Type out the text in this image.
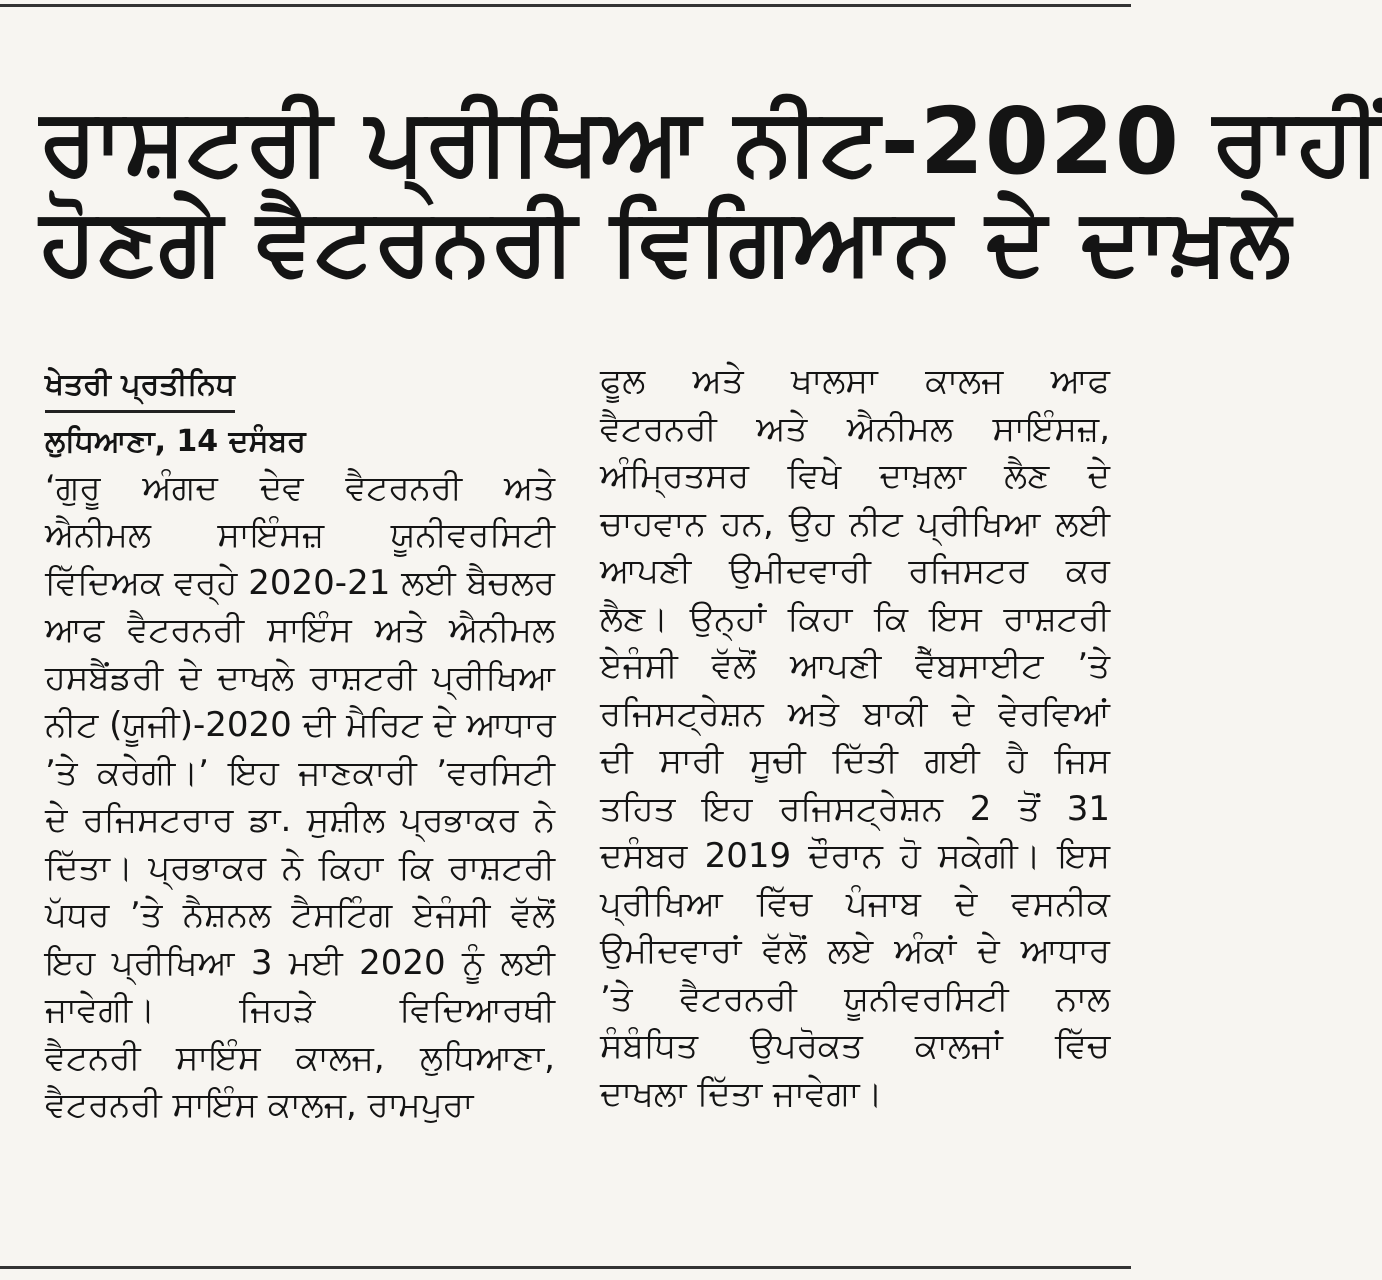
ਰਾਸ਼ਟਰੀ ਪ੍ਰੀਖਿਆ ਨੀਟ-2020 ਰਾਹੀਂ
ਹੋਣਗੇ ਵੈਟਰਨਰੀ ਵਿਗਿਆਨ ਦੇ ਦਾਖ਼ਲੇ
ਖੇਤਰੀ ਪ੍ਰਤੀਨਿਧ
ਲੁਧਿਆਣਾ, 14 ਦਸੰਬਰ
‘ਗੁਰੂ ਅੰਗਦ ਦੇਵ ਵੈਟਰਨਰੀ ਅਤੇ
ਐਨੀਮਲ ਸਾਇੰਸਜ਼ ਯੂਨੀਵਰਸਿਟੀ
ਵਿੱਦਿਅਕ ਵਰ੍ਹੇ 2020-21 ਲਈ ਬੈਚਲਰ
ਆਫ ਵੈਟਰਨਰੀ ਸਾਇੰਸ ਅਤੇ ਐਨੀਮਲ
ਹਸਬੈਂਡਰੀ ਦੇ ਦਾਖਲੇ ਰਾਸ਼ਟਰੀ ਪ੍ਰੀਖਿਆ
ਨੀਟ (ਯੂਜੀ)-2020 ਦੀ ਮੈਰਿਟ ਦੇ ਆਧਾਰ
’ਤੇ ਕਰੇਗੀ।’ ਇਹ ਜਾਣਕਾਰੀ ’ਵਰਸਿਟੀ
ਦੇ ਰਜਿਸਟਰਾਰ ਡਾ. ਸੁਸ਼ੀਲ ਪ੍ਰਭਾਕਰ ਨੇ
ਦਿੱਤਾ। ਪ੍ਰਭਾਕਰ ਨੇ ਕਿਹਾ ਕਿ ਰਾਸ਼ਟਰੀ
ਪੱਧਰ ’ਤੇ ਨੈਸ਼ਨਲ ਟੈਸਟਿੰਗ ਏਜੰਸੀ ਵੱਲੋਂ
ਇਹ ਪ੍ਰੀਖਿਆ 3 ਮਈ 2020 ਨੂੰ ਲਈ
ਜਾਵੇਗੀ। ਜਿਹੜੇ ਵਿਦਿਆਰਥੀ
ਵੈਟਨਰੀ ਸਾਇੰਸ ਕਾਲਜ, ਲੁਧਿਆਣਾ,
ਵੈਟਰਨਰੀ ਸਾਇੰਸ ਕਾਲਜ, ਰਾਮਪੁਰਾ
ਫੂਲ ਅਤੇ ਖਾਲਸਾ ਕਾਲਜ ਆਫ
ਵੈਟਰਨਰੀ ਅਤੇ ਐਨੀਮਲ ਸਾਇੰਸਜ਼,
ਅੰਮ੍ਰਿਤਸਰ ਵਿਖੇ ਦਾਖ਼ਲਾ ਲੈਣ ਦੇ
ਚਾਹਵਾਨ ਹਨ, ਉਹ ਨੀਟ ਪ੍ਰੀਖਿਆ ਲਈ
ਆਪਣੀ ਉਮੀਦਵਾਰੀ ਰਜਿਸਟਰ ਕਰ
ਲੈਣ। ਉਨ੍ਹਾਂ ਕਿਹਾ ਕਿ ਇਸ ਰਾਸ਼ਟਰੀ
ਏਜੰਸੀ ਵੱਲੋਂ ਆਪਣੀ ਵੈੱਬਸਾਈਟ ’ਤੇ
ਰਜਿਸਟ੍ਰੇਸ਼ਨ ਅਤੇ ਬਾਕੀ ਦੇ ਵੇਰਵਿਆਂ
ਦੀ ਸਾਰੀ ਸੂਚੀ ਦਿੱਤੀ ਗਈ ਹੈ ਜਿਸ
ਤਹਿਤ ਇਹ ਰਜਿਸਟ੍ਰੇਸ਼ਨ 2 ਤੋਂ 31
ਦਸੰਬਰ 2019 ਦੌਰਾਨ ਹੋ ਸਕੇਗੀ। ਇਸ
ਪ੍ਰੀਖਿਆ ਵਿੱਚ ਪੰਜਾਬ ਦੇ ਵਸਨੀਕ
ਉਮੀਦਵਾਰਾਂ ਵੱਲੋਂ ਲਏ ਅੰਕਾਂ ਦੇ ਆਧਾਰ
’ਤੇ ਵੈਟਰਨਰੀ ਯੂਨੀਵਰਸਿਟੀ ਨਾਲ
ਸੰਬੰਧਿਤ ਉਪਰੋਕਤ ਕਾਲਜਾਂ ਵਿੱਚ
ਦਾਖਲਾ ਦਿੱਤਾ ਜਾਵੇਗਾ।
